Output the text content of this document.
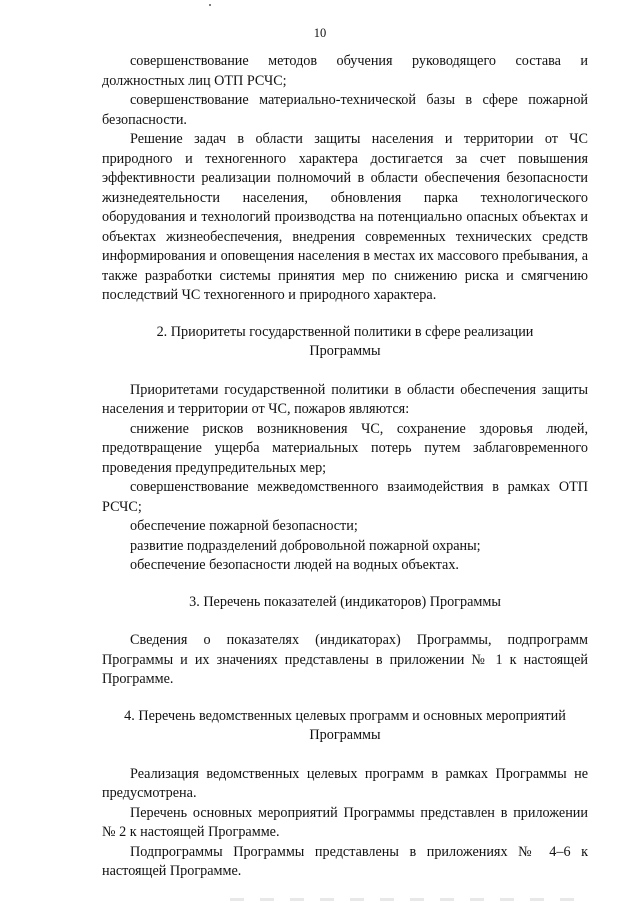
10

совершенствование методов обучения руководящего состава и должностных лиц ОТП РСЧС;

совершенствование материально-технической базы в сфере пожарной безопасности.

Решение задач в области защиты населения и территории от ЧС природного и техногенного характера достигается за счет повышения эффективности реализации полномочий в области обеспечения безопасности жизнедеятельности населения, обновления парка технологического оборудования и технологий производства на потенциально опасных объектах и объектах жизнеобеспечения, внедрения современных технических средств информирования и оповещения населения в местах их массового пребывания, а также разработки системы принятия мер по снижению риска и смягчению последствий ЧС техногенного и природного характера.

2. Приоритеты государственной политики в сфере реализации

Программы

Приоритетами государственной политики в области обеспечения защиты населения и территории от ЧС, пожаров являются:

снижение рисков возникновения ЧС, сохранение здоровья людей, предотвращение ущерба материальных потерь путем заблаговременного проведения предупредительных мер;

совершенствование межведомственного взаимодействия в рамках ОТП РСЧС;

обеспечение пожарной безопасности;

развитие подразделений добровольной пожарной охраны;

обеспечение безопасности людей на водных объектах.

3. Перечень показателей (индикаторов) Программы

Сведения о показателях (индикаторах) Программы, подпрограмм Программы и их значениях представлены в приложении № 1 к настоящей Программе.

4. Перечень ведомственных целевых программ и основных мероприятий

Программы

Реализация ведомственных целевых программ в рамках Программы не предусмотрена.

Перечень основных мероприятий Программы представлен в приложении № 2 к настоящей Программе.

Подпрограммы Программы представлены в приложениях № 4–6 к настоящей Программе.
